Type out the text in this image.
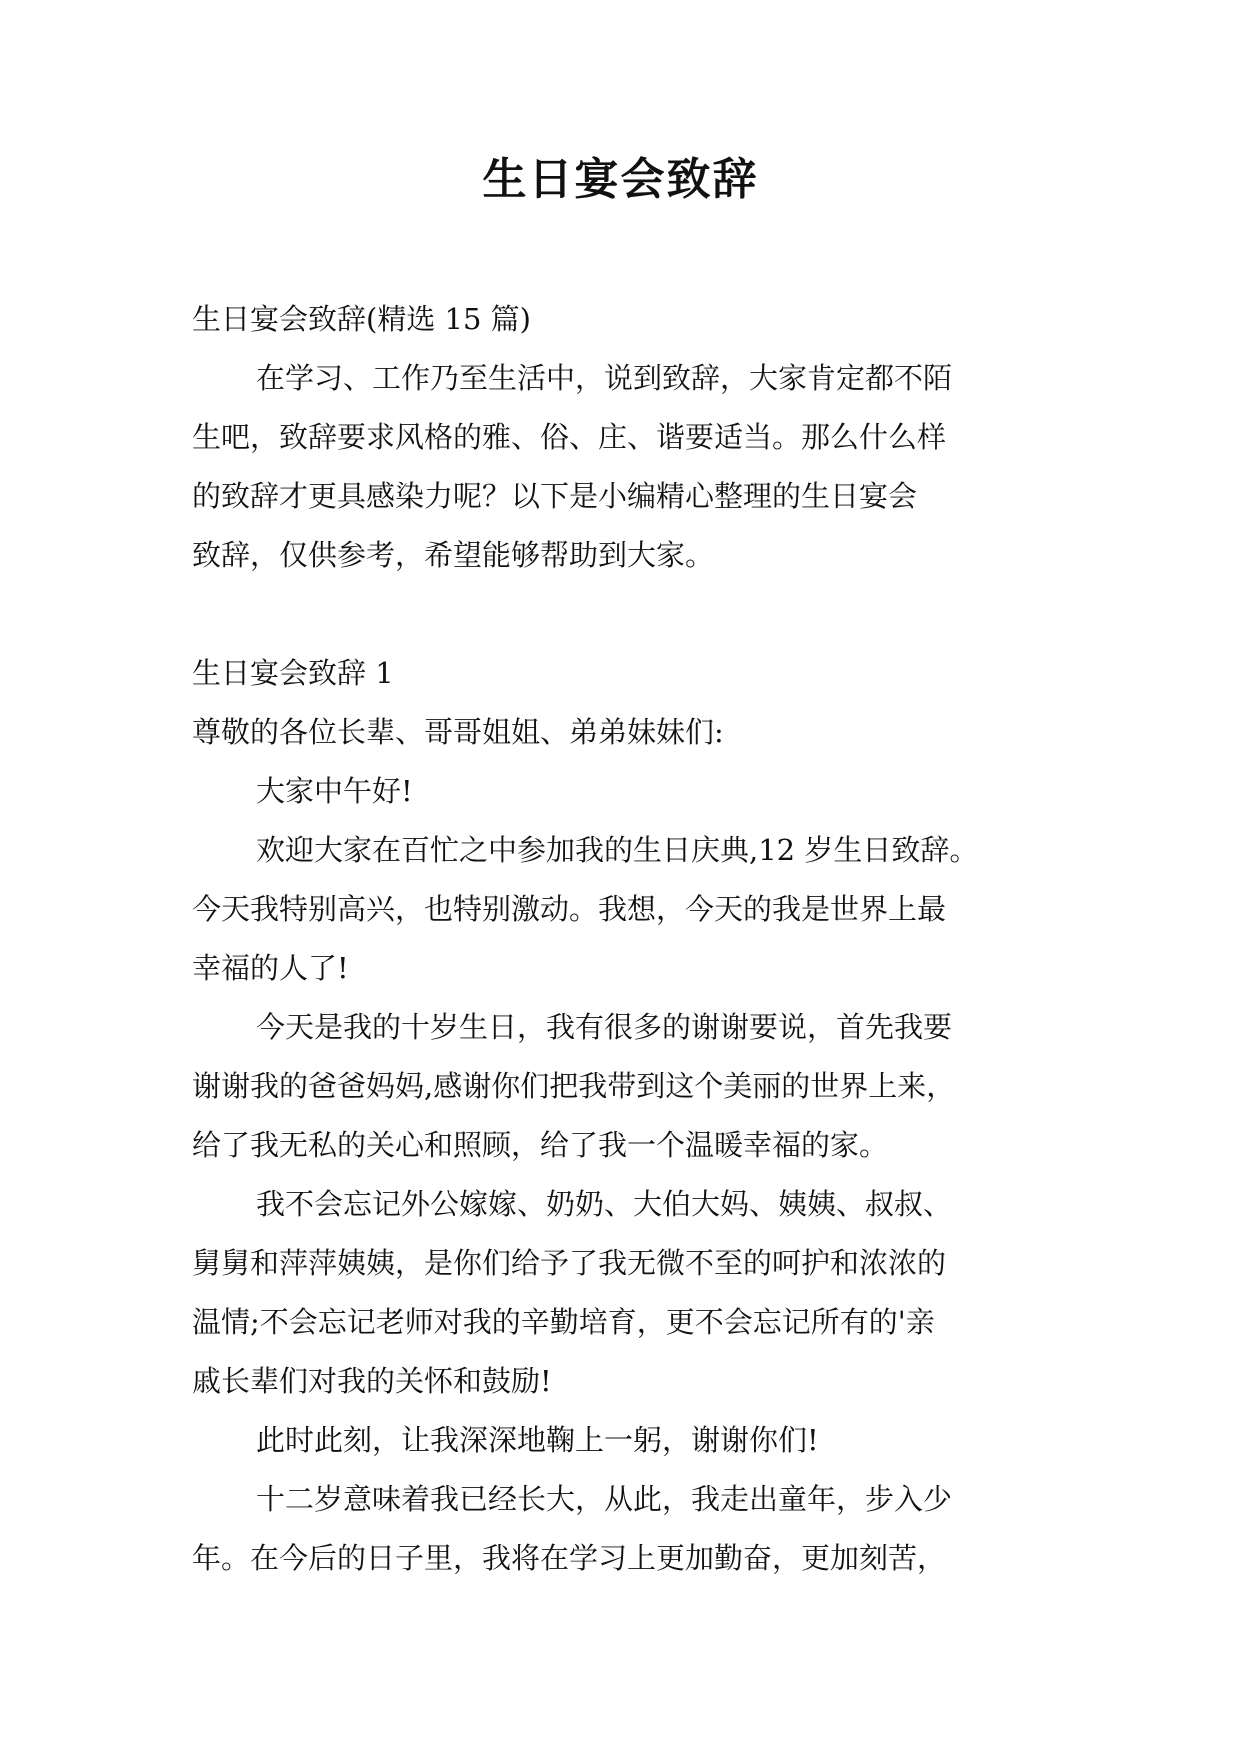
生日宴会致辞

生日宴会致辞(精选 15 篇)

在学习、工作乃至生活中，说到致辞，大家肯定都不陌

生吧，致辞要求风格的雅、俗、庄、谐要适当。那么什么样

的致辞才更具感染力呢？以下是小编精心整理的生日宴会

致辞，仅供参考，希望能够帮助到大家。

生日宴会致辞 1

尊敬的各位长辈、哥哥姐姐、弟弟妹妹们:

大家中午好!

欢迎大家在百忙之中参加我的生日庆典,12 岁生日致辞。

今天我特别高兴，也特别激动。我想，今天的我是世界上最

幸福的人了!

今天是我的十岁生日，我有很多的谢谢要说，首先我要

谢谢我的爸爸妈妈,感谢你们把我带到这个美丽的世界上来，

给了我无私的关心和照顾，给了我一个温暖幸福的家。

我不会忘记外公嫁嫁、奶奶、大伯大妈、姨姨、叔叔、

舅舅和萍萍姨姨，是你们给予了我无微不至的呵护和浓浓的

温情;不会忘记老师对我的辛勤培育，更不会忘记所有的'亲

戚长辈们对我的关怀和鼓励!

此时此刻，让我深深地鞠上一躬，谢谢你们!

十二岁意味着我已经长大，从此，我走出童年，步入少

年。在今后的日子里，我将在学习上更加勤奋，更加刻苦，
